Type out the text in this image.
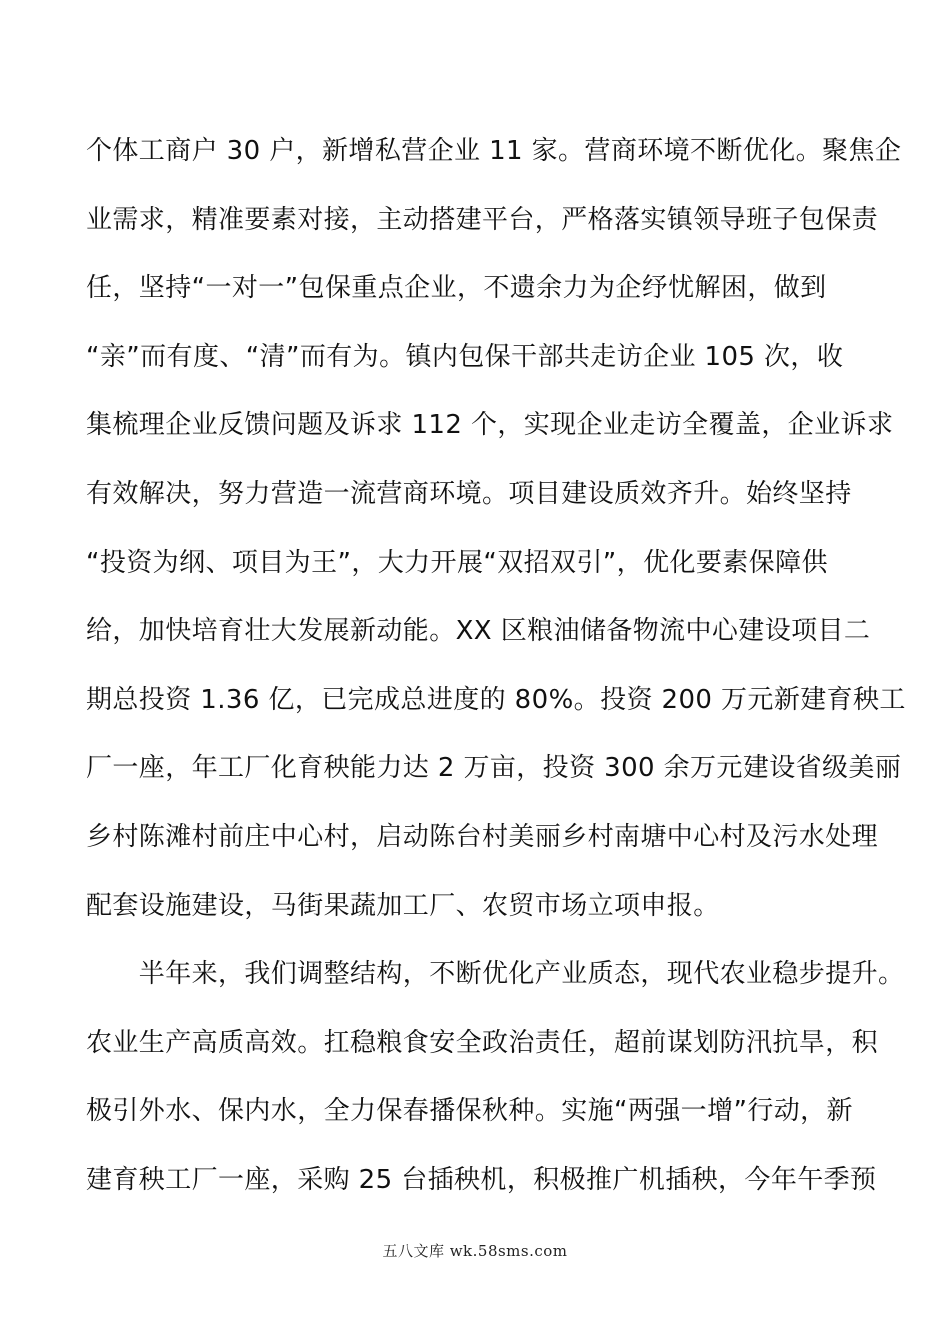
个体工商户 30 户，新增私营企业 11 家。营商环境不断优化。聚焦企
业需求，精准要素对接，主动搭建平台，严格落实镇领导班子包保责
任，坚持“一对一”包保重点企业，不遗余力为企纾忧解困，做到
“亲”而有度、“清”而有为。镇内包保干部共走访企业 105 次，收
集梳理企业反馈问题及诉求 112 个，实现企业走访全覆盖，企业诉求
有效解决，努力营造一流营商环境。项目建设质效齐升。始终坚持
“投资为纲、项目为王”，大力开展“双招双引”，优化要素保障供
给，加快培育壮大发展新动能。XX 区粮油储备物流中心建设项目二
期总投资 1.36 亿，已完成总进度的 80%。投资 200 万元新建育秧工
厂一座，年工厂化育秧能力达 2 万亩，投资 300 余万元建设省级美丽
乡村陈滩村前庄中心村，启动陈台村美丽乡村南塘中心村及污水处理
配套设施建设，马街果蔬加工厂、农贸市场立项申报。
　　半年来，我们调整结构，不断优化产业质态，现代农业稳步提升。
农业生产高质高效。扛稳粮食安全政治责任，超前谋划防汛抗旱，积
极引外水、保内水，全力保春播保秋种。实施“两强一增”行动，新
建育秧工厂一座，采购 25 台插秧机，积极推广机插秧，今年午季预
五八文库 wk.58sms.com
